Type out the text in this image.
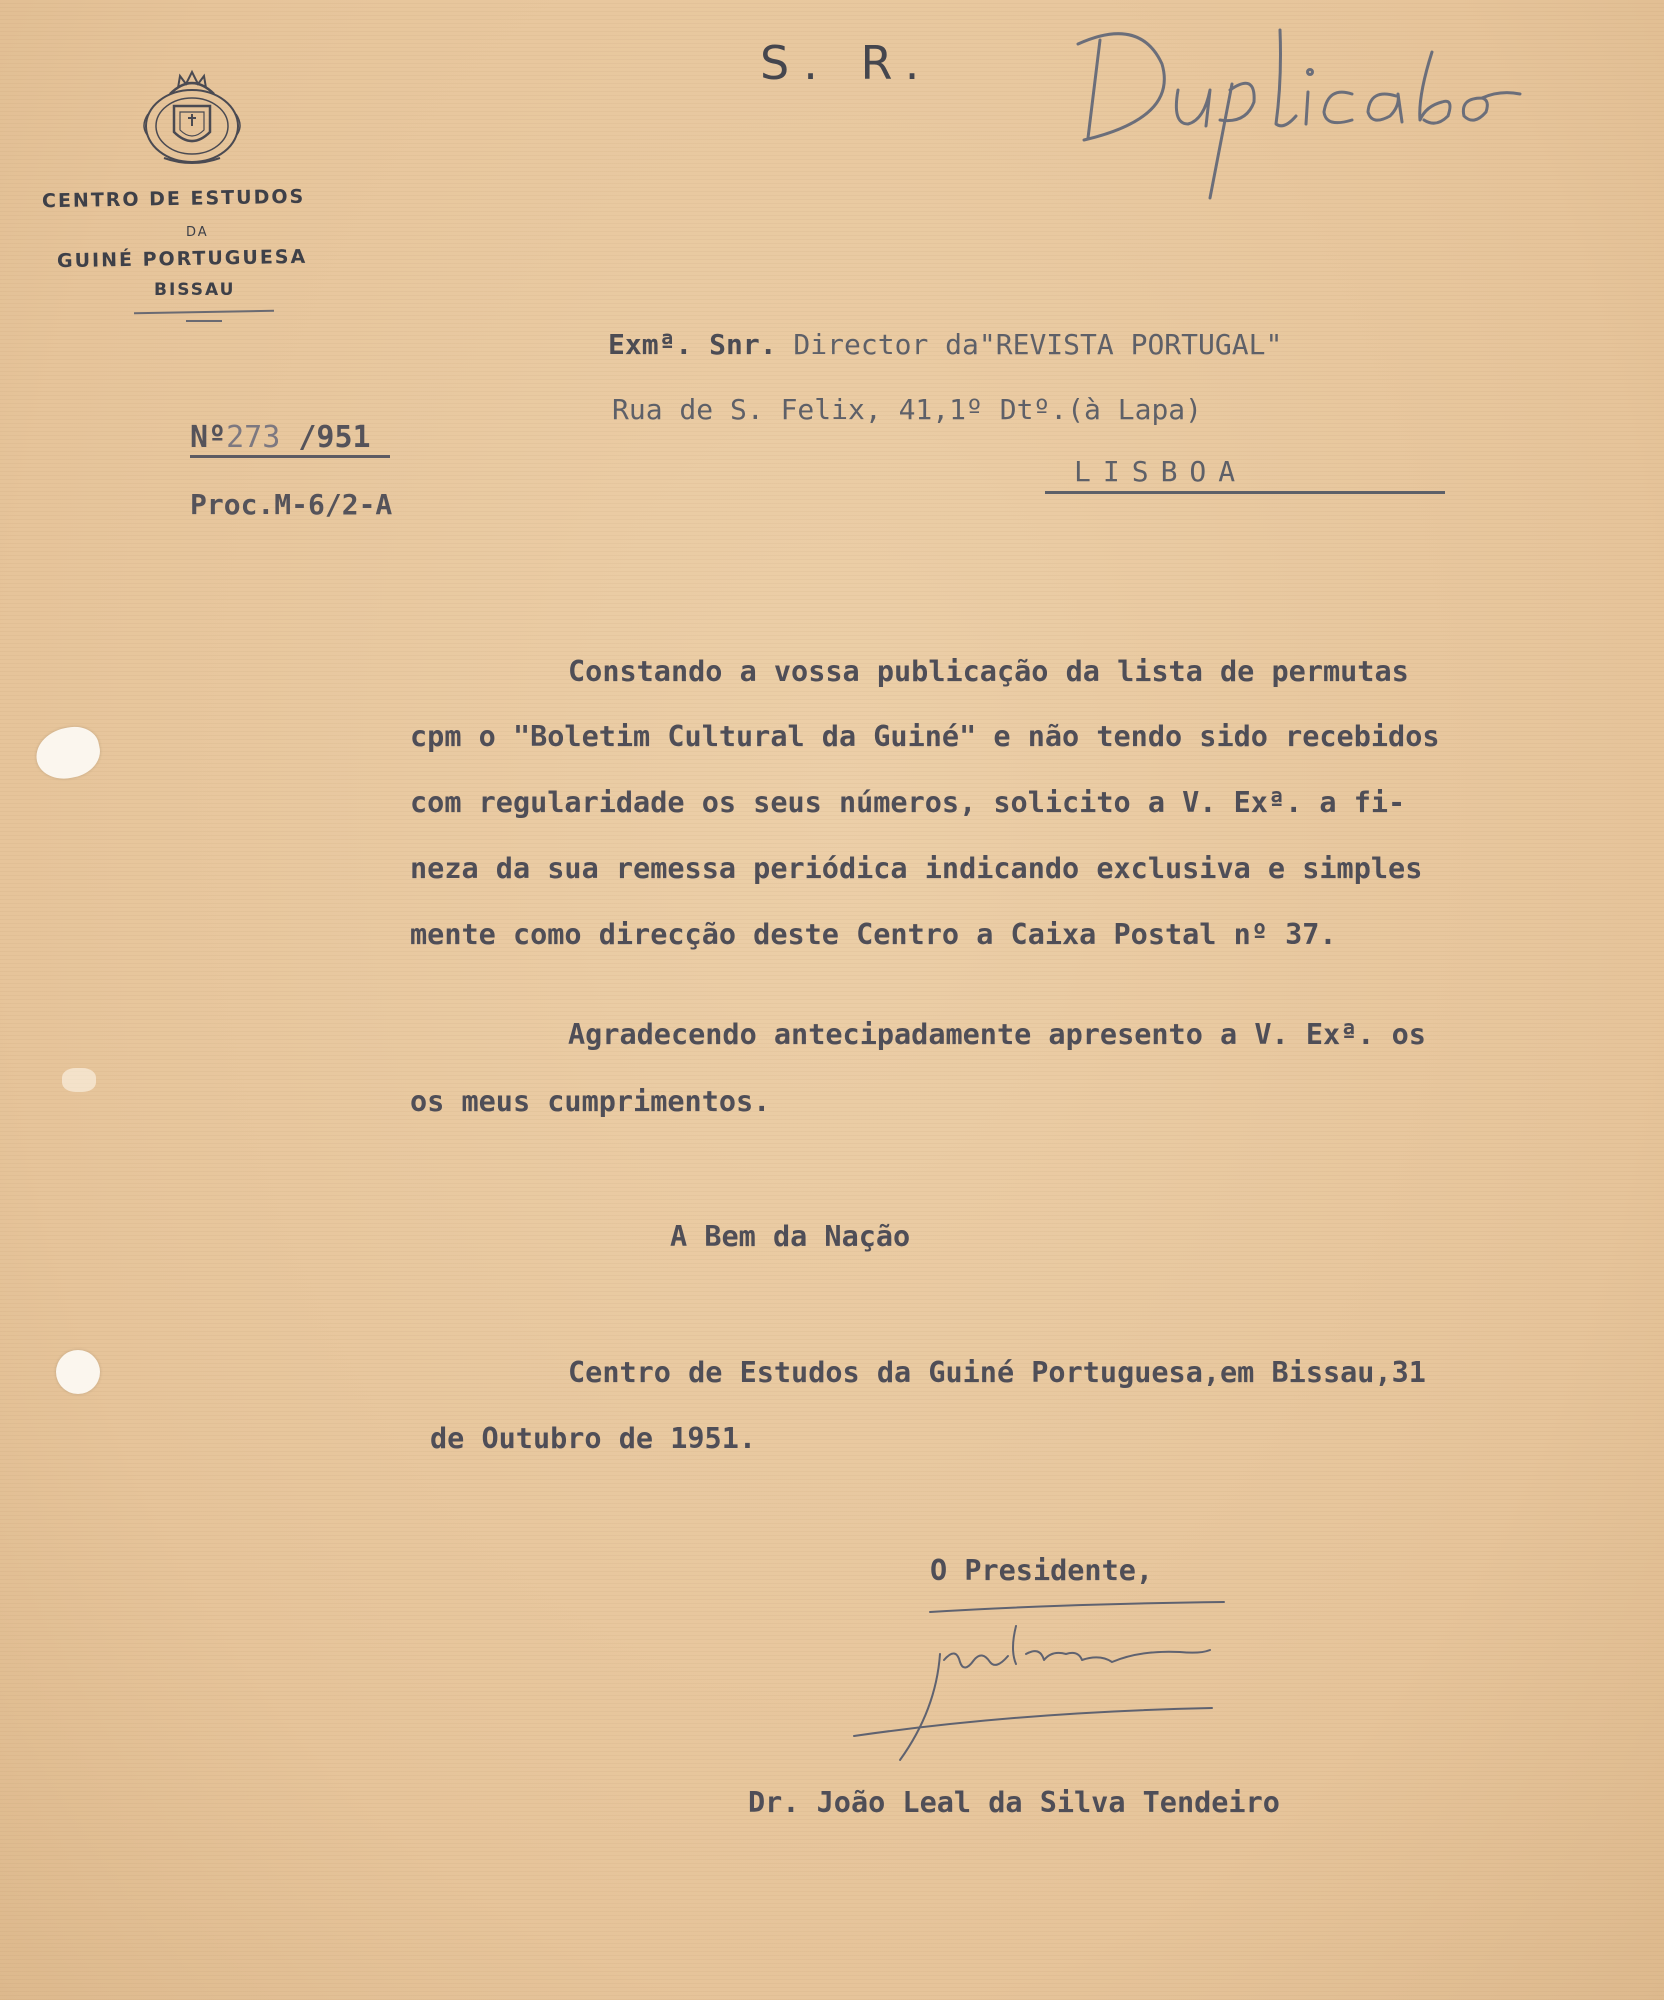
CENTRO DE ESTUDOS
DA
GUINÉ PORTUGUESA
BISSAU
S. R.
Nº273 /951
Proc.M-6/2-A
Exmª. Snr. Director da"REVISTA PORTUGAL"
Rua de S. Felix, 41,1º Dtº.(à Lapa)
LISBOA
Constando a vossa publicação da lista de permutas
cpm o "Boletim Cultural da Guiné" e não tendo sido recebidos
com regularidade os seus números, solicito a V. Exª. a fi-
neza da sua remessa periódica indicando exclusiva e simples
mente como direcção deste Centro a Caixa Postal nº 37.
Agradecendo antecipadamente apresento a V. Exª. os
os meus cumprimentos.
A Bem da Nação
Centro de Estudos da Guiné Portuguesa,em Bissau,31
de Outubro de 1951.
O Presidente,
Dr. João Leal da Silva Tendeiro
